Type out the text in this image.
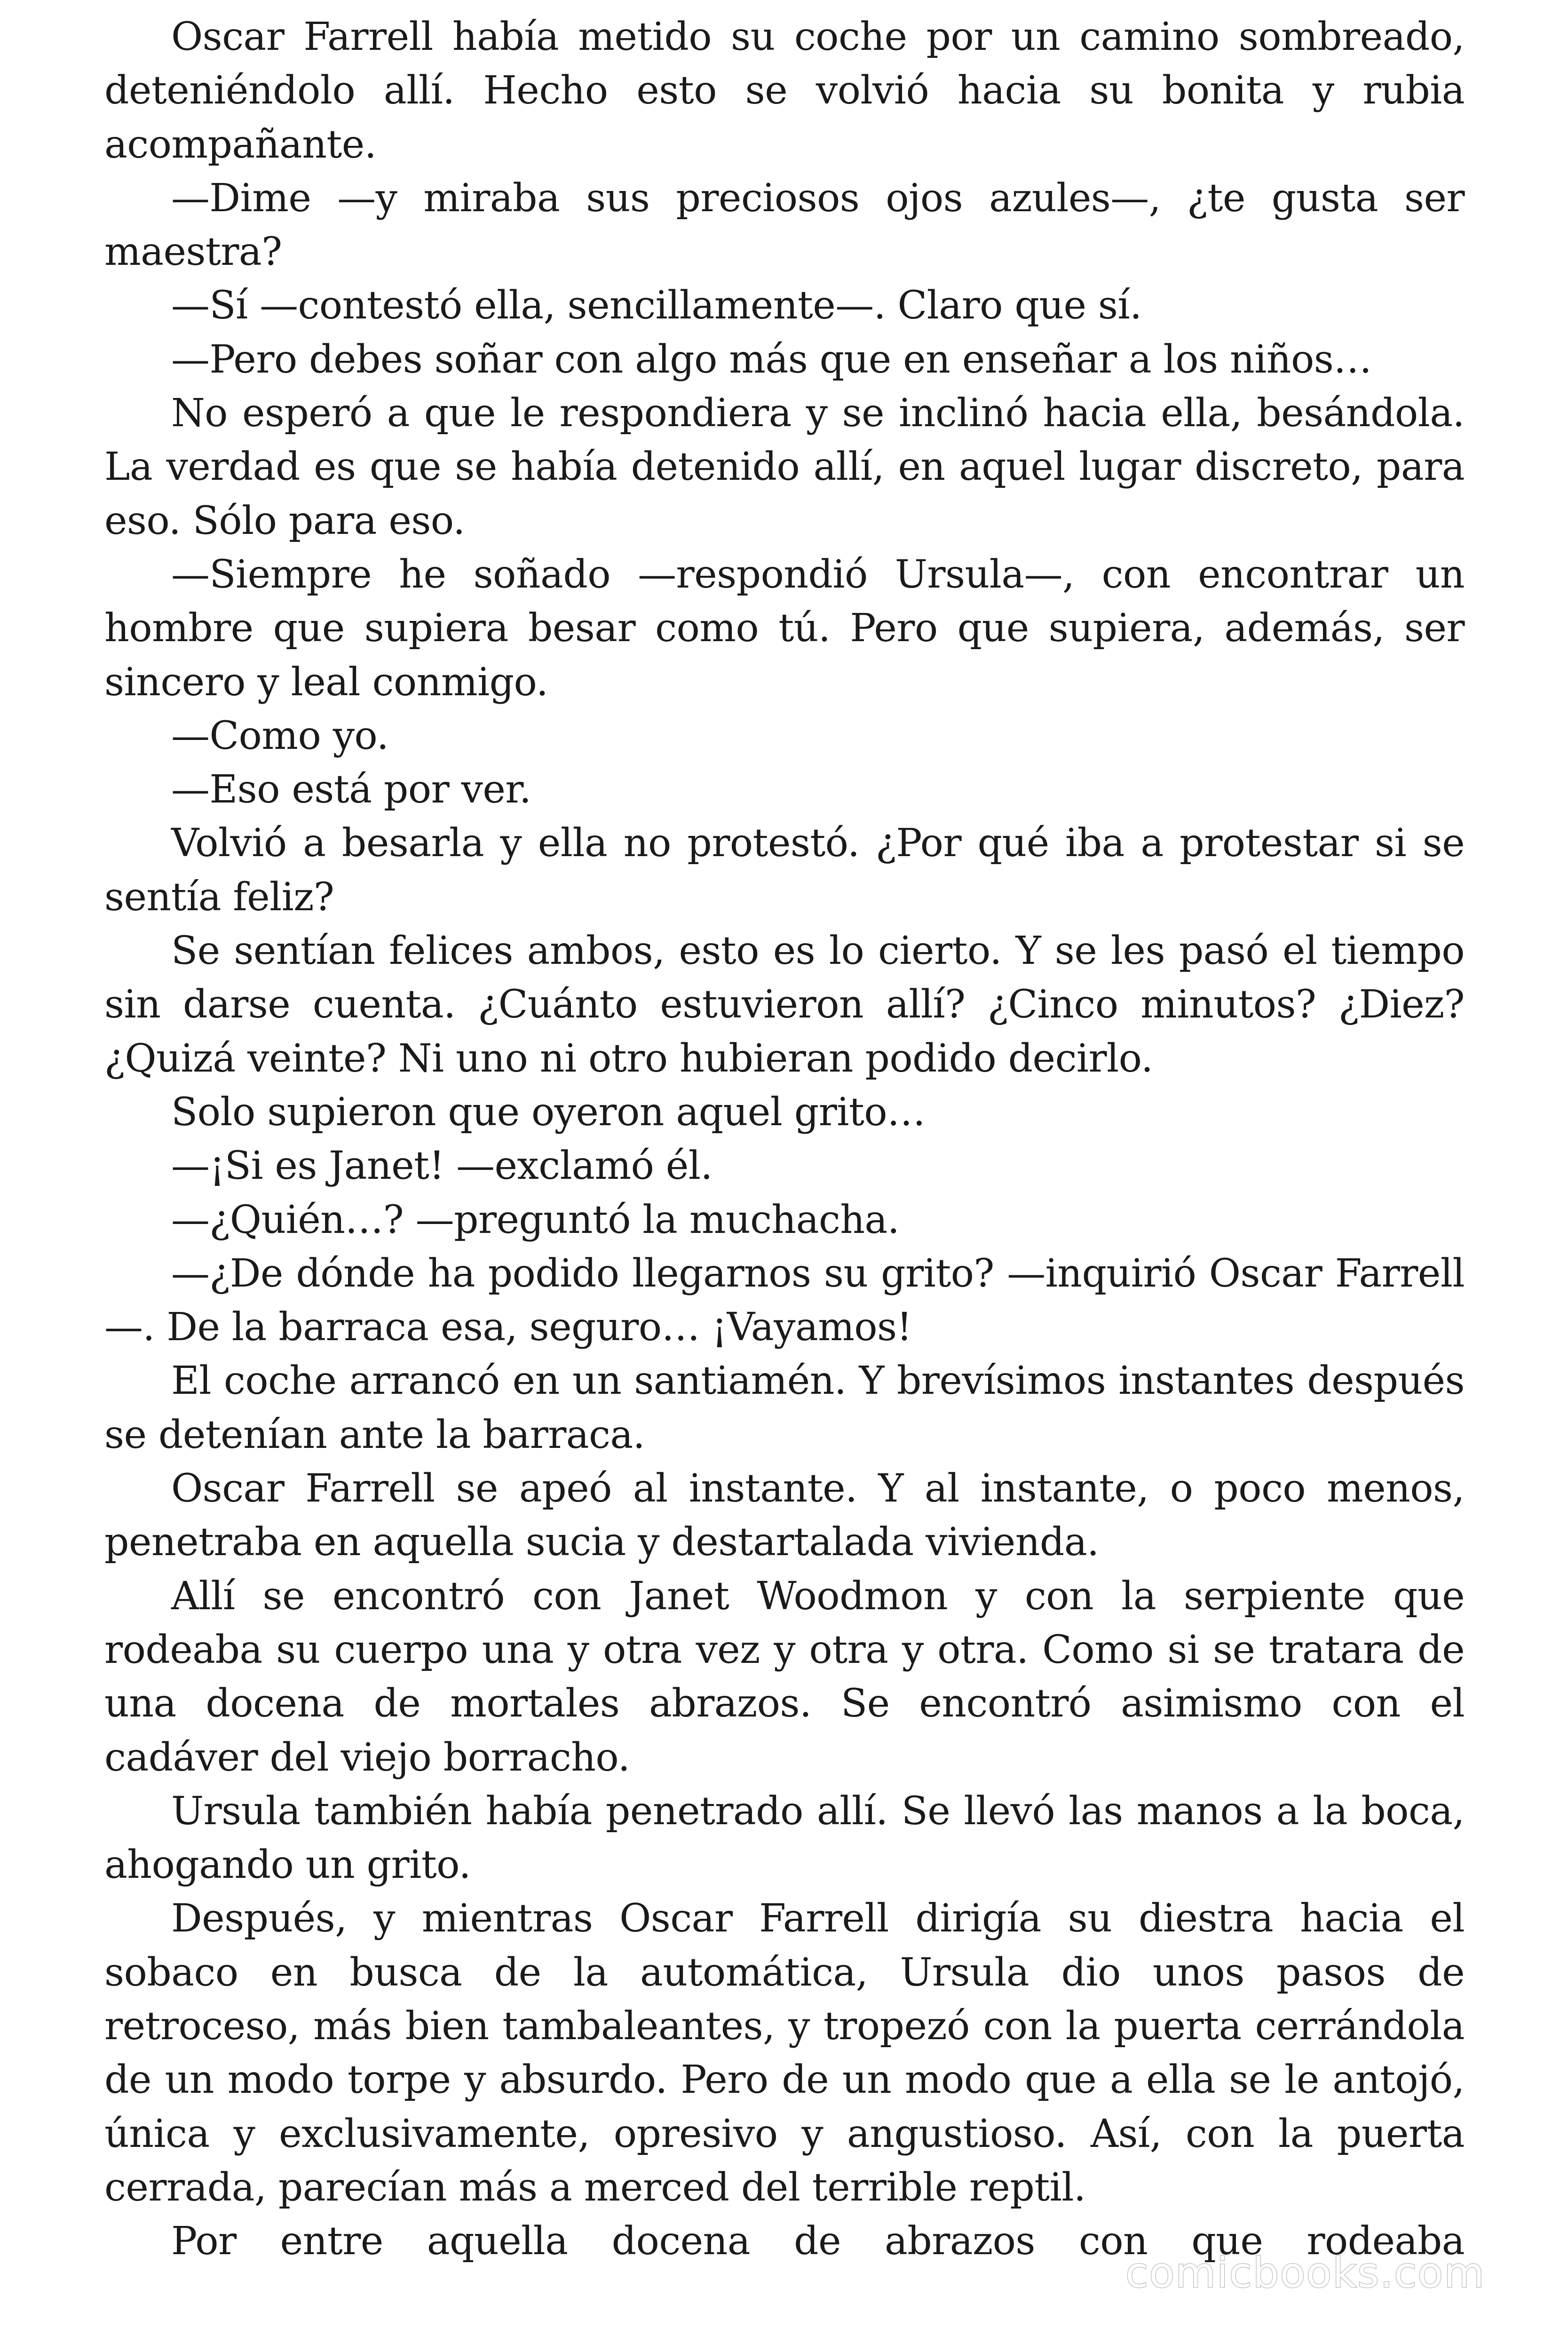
Oscar Farrell había metido su coche por un camino sombreado, deteniéndolo allí. Hecho esto se volvió hacia su bonita y rubia acompañante.

—Dime —y miraba sus preciosos ojos azules—, ¿te gusta ser maestra?

—Sí —contestó ella, sencillamente—. Claro que sí.

—Pero debes soñar con algo más que en enseñar a los niños…

No esperó a que le respondiera y se inclinó hacia ella, besándola. La verdad es que se había detenido allí, en aquel lugar discreto, para eso. Sólo para eso.

—Siempre he soñado —respondió Ursula—, con encontrar un hombre que supiera besar como tú. Pero que supiera, además, ser sincero y leal conmigo.

—Como yo.

—Eso está por ver.

Volvió a besarla y ella no protestó. ¿Por qué iba a protestar si se sentía feliz?

Se sentían felices ambos, esto es lo cierto. Y se les pasó el tiempo sin darse cuenta. ¿Cuánto estuvieron allí? ¿Cinco minutos? ¿Diez? ¿Quizá veinte? Ni uno ni otro hubieran podido decirlo.

Solo supieron que oyeron aquel grito…

—¡Si es Janet! —exclamó él.

—¿Quién…? —preguntó la muchacha.

—¿De dónde ha podido llegarnos su grito? —inquirió Oscar Farrell —. De la barraca esa, seguro… ¡Vayamos!

El coche arrancó en un santiamén. Y brevísimos instantes después se detenían ante la barraca.

Oscar Farrell se apeó al instante. Y al instante, o poco menos, penetraba en aquella sucia y destartalada vivienda.

Allí se encontró con Janet Woodmon y con la serpiente que rodeaba su cuerpo una y otra vez y otra y otra. Como si se tratara de una docena de mortales abrazos. Se encontró asimismo con el cadáver del viejo borracho.

Ursula también había penetrado allí. Se llevó las manos a la boca, ahogando un grito.

Después, y mientras Oscar Farrell dirigía su diestra hacia el sobaco en busca de la automática, Ursula dio unos pasos de retroceso, más bien tambaleantes, y tropezó con la puerta cerrándola de un modo torpe y absurdo. Pero de un modo que a ella se le antojó, única y exclusivamente, opresivo y angustioso. Así, con la puerta cerrada, parecían más a merced del terrible reptil.

Por entre aquella docena de abrazos con que rodeaba

comicbooks.com
